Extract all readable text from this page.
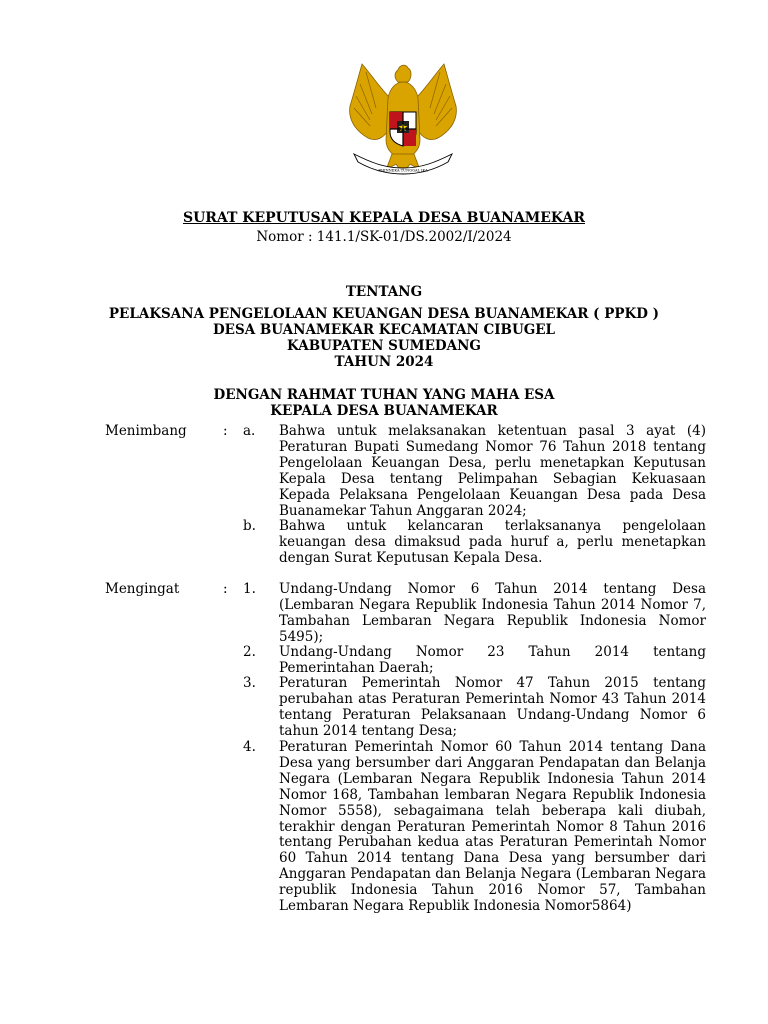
BHINNEKA TUNGGAL IKA
SURAT KEPUTUSAN KEPALA DESA BUANAMEKAR
Nomor : 141.1/SK-01/DS.2002/I/2024
TENTANG
PELAKSANA PENGELOLAAN KEUANGAN DESA BUANAMEKAR ( PPKD )
DESA BUANAMEKAR KECAMATAN CIBUGEL
KABUPATEN SUMEDANG
TAHUN 2024
DENGAN RAHMAT TUHAN YANG MAHA ESA
KEPALA DESA BUANAMEKAR
Menimbang	: a. Bahwa untuk melaksanakan ketentuan pasal 3 ayat (4)
Peraturan Bupati Sumedang Nomor 76 Tahun 2018 tentang
Pengelolaan Keuangan Desa, perlu menetapkan Keputusan
Kepala Desa tentang Pelimpahan Sebagian Kekuasaan
Kepada Pelaksana Pengelolaan Keuangan Desa pada Desa
Buanamekar Tahun Anggaran 2024;
b. Bahwa untuk kelancaran terlaksananya pengelolaan
keuangan desa dimaksud pada huruf a, perlu menetapkan
dengan Surat Keputusan Kepala Desa.
Mengingat	: 1. Undang-Undang Nomor 6 Tahun 2014 tentang Desa
(Lembaran Negara Republik Indonesia Tahun 2014 Nomor 7,
Tambahan Lembaran Negara Republik Indonesia Nomor
5495);
2. Undang-Undang Nomor 23 Tahun 2014 tentang
Pemerintahan Daerah;
3. Peraturan Pemerintah Nomor 47 Tahun 2015 tentang
perubahan atas Peraturan Pemerintah Nomor 43 Tahun 2014
tentang Peraturan Pelaksanaan Undang-Undang Nomor 6
tahun 2014 tentang Desa;
4. Peraturan Pemerintah Nomor 60 Tahun 2014 tentang Dana
Desa yang bersumber dari Anggaran Pendapatan dan Belanja
Negara (Lembaran Negara Republik Indonesia Tahun 2014
Nomor 168, Tambahan lembaran Negara Republik Indonesia
Nomor 5558), sebagaimana telah beberapa kali diubah,
terakhir dengan Peraturan Pemerintah Nomor 8 Tahun 2016
tentang Perubahan kedua atas Peraturan Pemerintah Nomor
60 Tahun 2014 tentang Dana Desa yang bersumber dari
Anggaran Pendapatan dan Belanja Negara (Lembaran Negara
republik Indonesia Tahun 2016 Nomor 57, Tambahan
Lembaran Negara Republik Indonesia Nomor5864)
